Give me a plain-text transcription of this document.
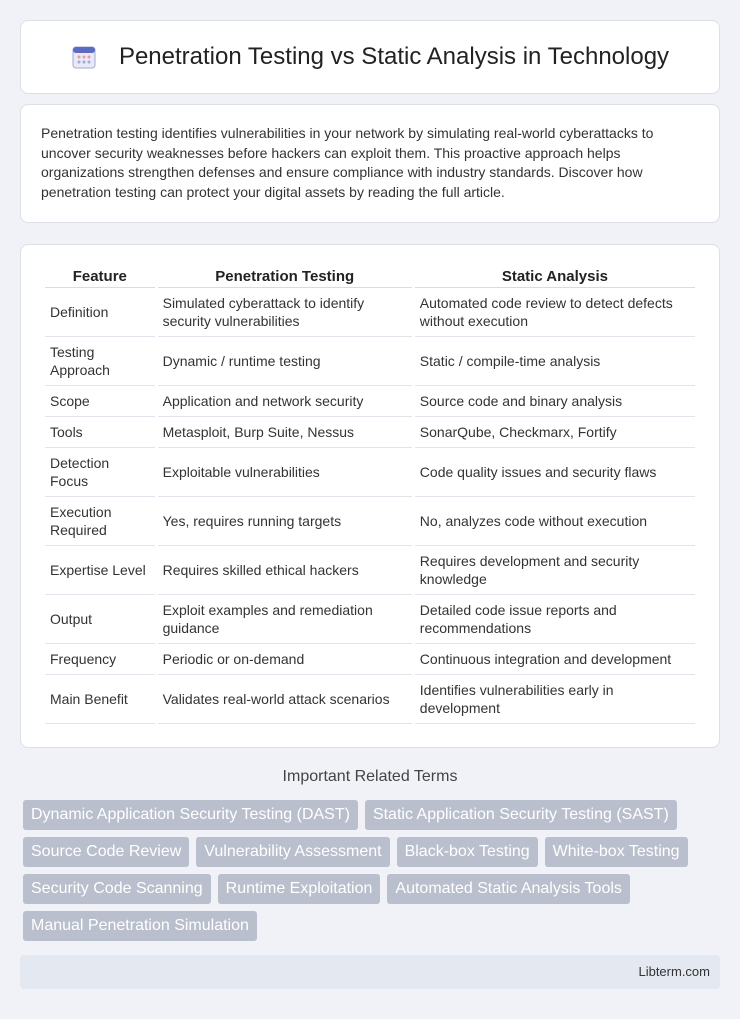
Penetration Testing vs Static Analysis in Technology

Penetration testing identifies vulnerabilities in your network by simulating real-world cyberattacks to uncover security weaknesses before hackers can exploit them. This proactive approach helps organizations strengthen defenses and ensure compliance with industry standards. Discover how penetration testing can protect your digital assets by reading the full article.

Feature	Penetration Testing	Static Analysis
Definition	Simulated cyberattack to identify security vulnerabilities	Automated code review to detect defects without execution
Testing Approach	Dynamic / runtime testing	Static / compile-time analysis
Scope	Application and network security	Source code and binary analysis
Tools	Metasploit, Burp Suite, Nessus	SonarQube, Checkmarx, Fortify
Detection Focus	Exploitable vulnerabilities	Code quality issues and security flaws
Execution Required	Yes, requires running targets	No, analyzes code without execution
Expertise Level	Requires skilled ethical hackers	Requires development and security knowledge
Output	Exploit examples and remediation guidance	Detailed code issue reports and recommendations
Frequency	Periodic or on-demand	Continuous integration and development
Main Benefit	Validates real-world attack scenarios	Identifies vulnerabilities early in development
Important Related Terms
Dynamic Application Security Testing (DAST)	Static Application Security Testing (SAST)
Source Code Review	Vulnerability Assessment	Black-box Testing	White-box Testing
Security Code Scanning	Runtime Exploitation	Automated Static Analysis Tools
Manual Penetration Simulation
Libterm.com
